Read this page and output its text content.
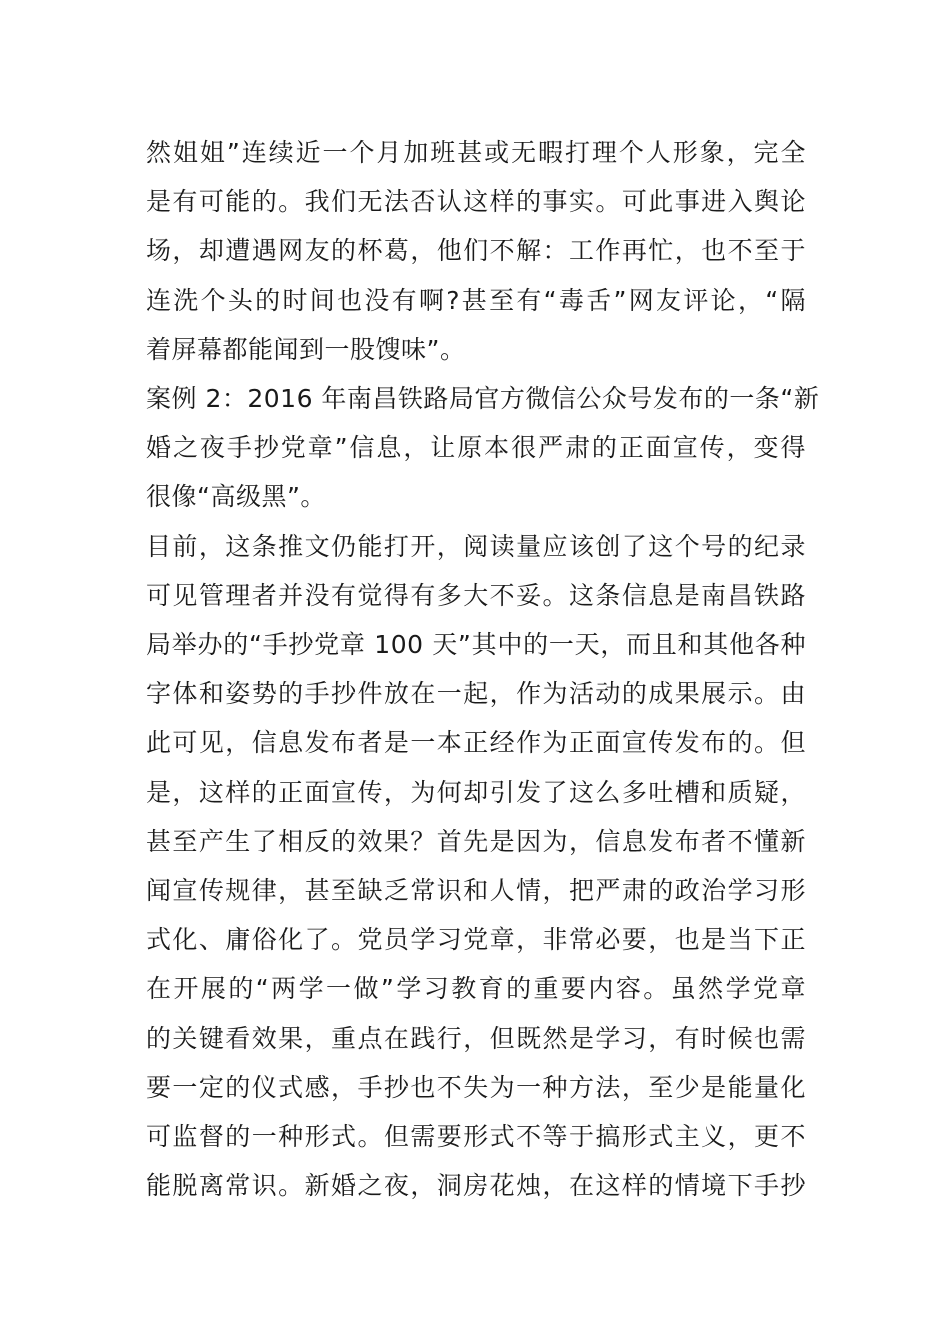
然姐姐”连续近一个月加班甚或无暇打理个人形象，完全
是有可能的。我们无法否认这样的事实。可此事进入舆论
场，却遭遇网友的杯葛，他们不解：工作再忙，也不至于
连洗个头的时间也没有啊?甚至有“毒舌”网友评论，“隔
着屏幕都能闻到一股馊味”。

案例 2：2016 年南昌铁路局官方微信公众号发布的一条“新
婚之夜手抄党章”信息，让原本很严肃的正面宣传，变得
很像“高级黑”。

目前，这条推文仍能打开，阅读量应该创了这个号的纪录
可见管理者并没有觉得有多大不妥。这条信息是南昌铁路
局举办的“手抄党章 100 天”其中的一天，而且和其他各种
字体和姿势的手抄件放在一起，作为活动的成果展示。由
此可见，信息发布者是一本正经作为正面宣传发布的。但
是，这样的正面宣传，为何却引发了这么多吐槽和质疑，
甚至产生了相反的效果？首先是因为，信息发布者不懂新
闻宣传规律，甚至缺乏常识和人情，把严肃的政治学习形
式化、庸俗化了。党员学习党章，非常必要，也是当下正
在开展的“两学一做”学习教育的重要内容。虽然学党章
的关键看效果，重点在践行，但既然是学习，有时候也需
要一定的仪式感，手抄也不失为一种方法，至少是能量化
可监督的一种形式。但需要形式不等于搞形式主义，更不
能脱离常识。新婚之夜，洞房花烛，在这样的情境下手抄
